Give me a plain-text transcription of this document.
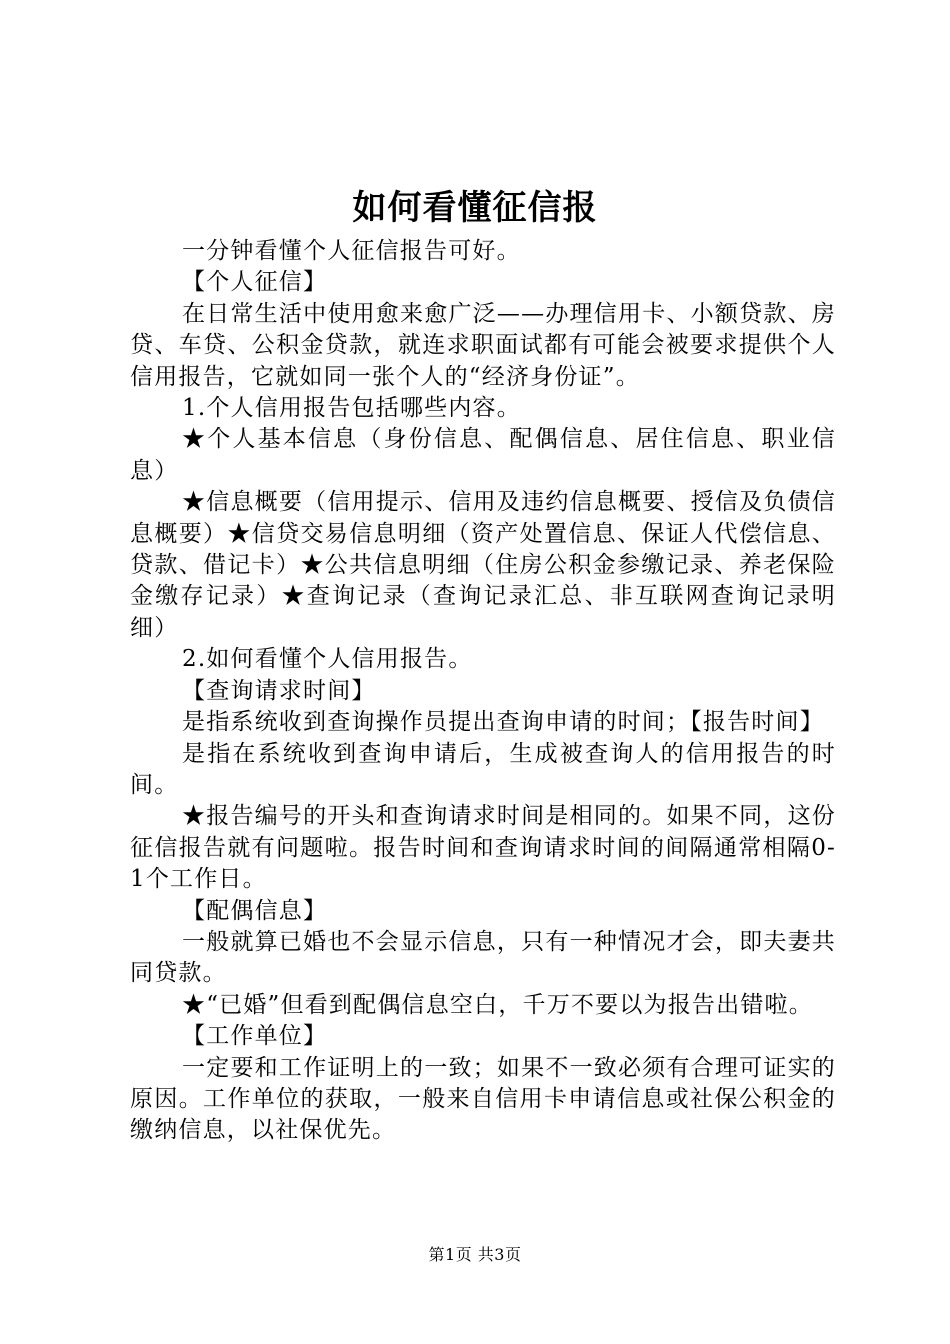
如何看懂征信报

一分钟看懂个人征信报告可好。

【个人征信】

在日常生活中使用愈来愈广泛——办理信用卡、小额贷款、房贷、车贷、公积金贷款，就连求职面试都有可能会被要求提供个人信用报告，它就如同一张个人的“经济身份证”。

1.个人信用报告包括哪些内容。

★个人基本信息（身份信息、配偶信息、居住信息、职业信息）

★信息概要（信用提示、信用及违约信息概要、授信及负债信息概要）★信贷交易信息明细（资产处置信息、保证人代偿信息、贷款、借记卡）★公共信息明细（住房公积金参缴记录、养老保险金缴存记录）★查询记录（查询记录汇总、非互联网查询记录明细）

2.如何看懂个人信用报告。

【查询请求时间】

是指系统收到查询操作员提出查询申请的时间；【报告时间】

是指在系统收到查询申请后，生成被查询人的信用报告的时间。

★报告编号的开头和查询请求时间是相同的。如果不同，这份征信报告就有问题啦。报告时间和查询请求时间的间隔通常相隔0-1个工作日。

【配偶信息】

一般就算已婚也不会显示信息，只有一种情况才会，即夫妻共同贷款。

★“已婚”但看到配偶信息空白，千万不要以为报告出错啦。

【工作单位】

一定要和工作证明上的一致；如果不一致必须有合理可证实的原因。工作单位的获取，一般来自信用卡申请信息或社保公积金的缴纳信息，以社保优先。

第1页 共3页
